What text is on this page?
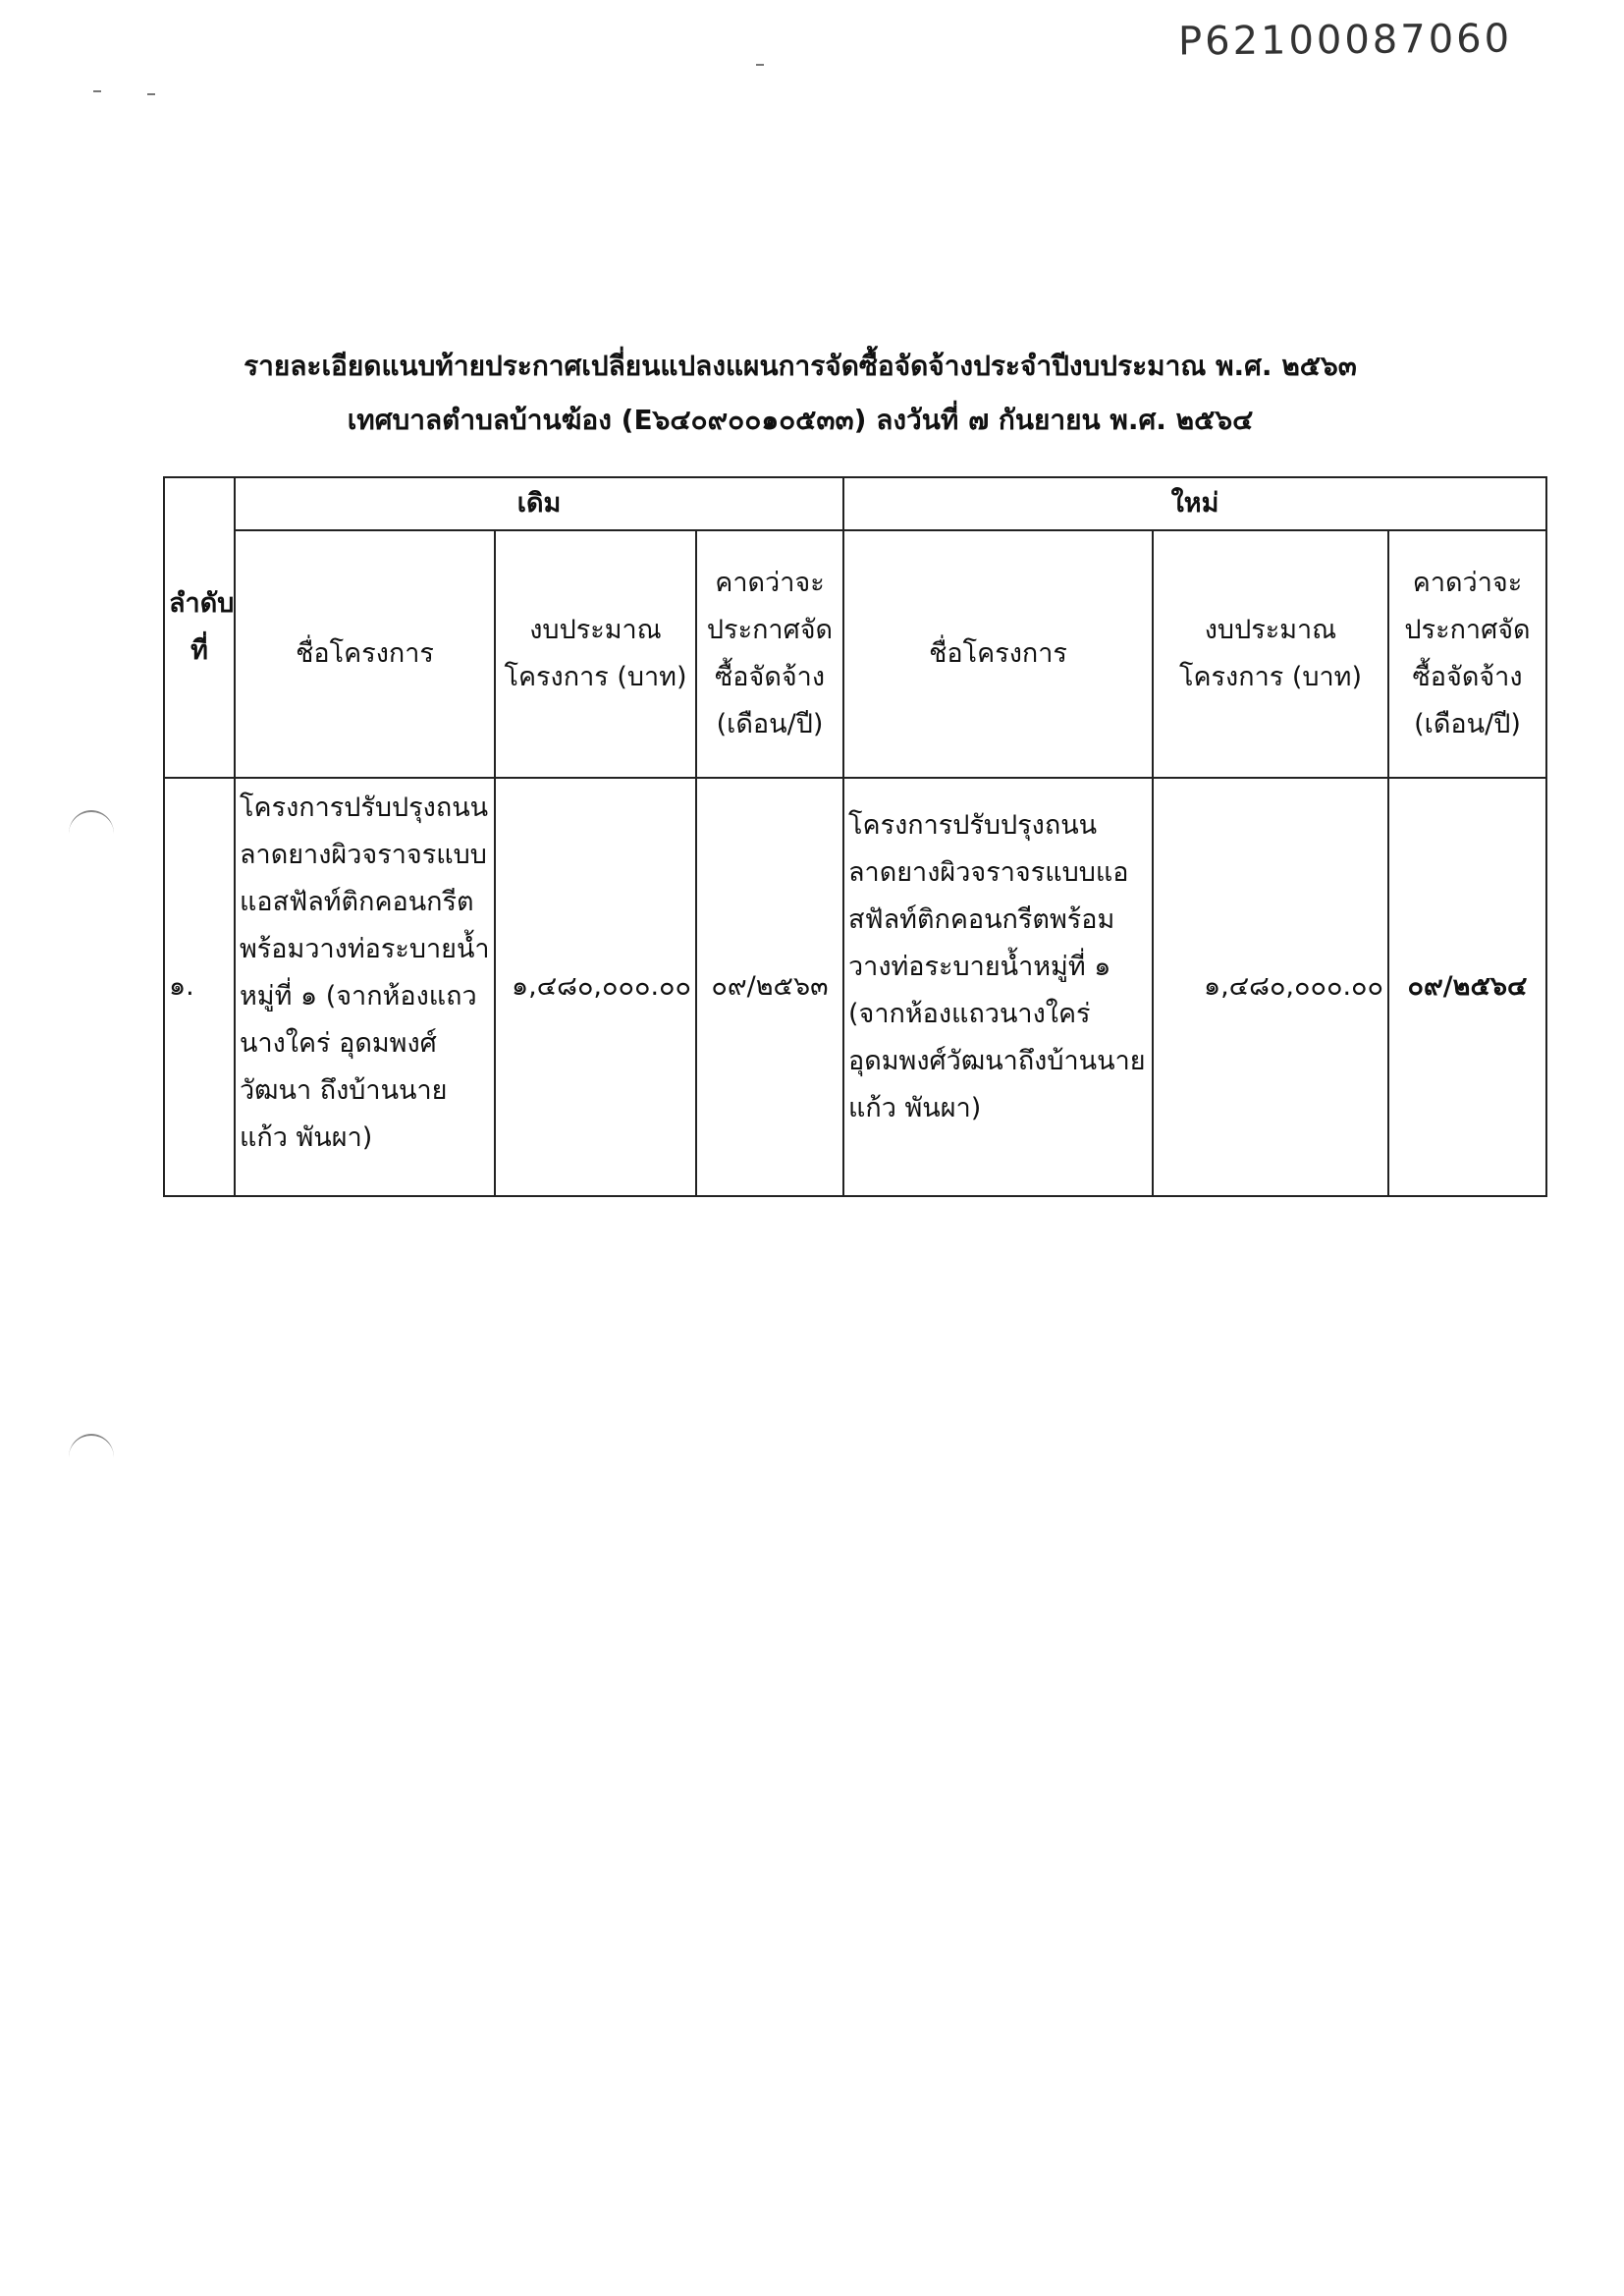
P62100087060
รายละเอียดแนบท้ายประกาศเปลี่ยนแปลงแผนการจัดซื้อจัดจ้างประจำปีงบประมาณ พ.ศ. ๒๕๖๓
เทศบาลตำบลบ้านฆ้อง (E๖๔๐๙๐๐๑๐๕๓๓) ลงวันที่ ๗ กันยายน พ.ศ. ๒๕๖๔
ลำดับที่	เดิม			ใหม่		
	ชื่อโครงการ	งบประมาณโครงการ (บาท)	คาดว่าจะประกาศจัดซื้อจัดจ้าง (เดือน/ปี)	ชื่อโครงการ	งบประมาณโครงการ (บาท)	คาดว่าจะประกาศจัดซื้อจัดจ้าง (เดือน/ปี)
๑.	โครงการปรับปรุงถนนลาดยางผิวจราจรแบบแอสฟัลท์ติกคอนกรีต พร้อมวางท่อระบายน้ำ หมู่ที่ ๑ (จากห้องแถวนางใคร่ อุดมพงศ์วัฒนา ถึงบ้านนายแก้ว พันผา)	๑,๔๘๐,๐๐๐.๐๐	๐๙/๒๕๖๓	โครงการปรับปรุงถนนลาดยางผิวจราจรแบบแอสฟัลท์ติกคอนกรีตพร้อมวางท่อระบายน้ำหมู่ที่ ๑ (จากห้องแถวนางใคร่ อุดมพงศ์วัฒนาถึงบ้านนายแก้ว พันผา)	๑,๔๘๐,๐๐๐.๐๐	๐๙/๒๕๖๔
